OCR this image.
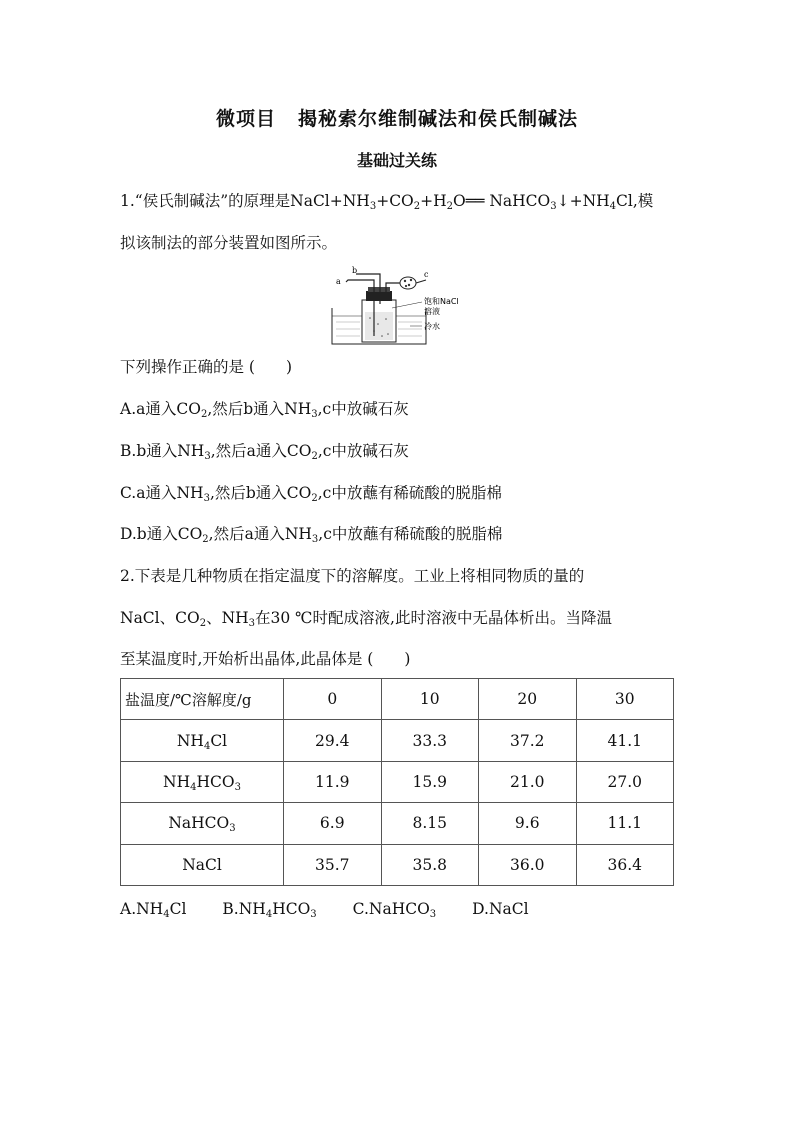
微项目 揭秘索尔维制碱法和侯氏制碱法
基础过关练
1.“侯氏制碱法”的原理是$NaCl+NH_3+CO_2+H_2O══$ $NaHCO_3↓+NH_4Cl$,模
拟该制法的部分装置如图所示。
a
b	c
饱和NaCl
溶液
冷水
下列操作正确的是 (　　)
A.a通入$CO_2$,然后b通入$NH_3,c$中放碱石灰
B.b通入$NH_3$,然后a通入$CO_2,c$中放碱石灰
C.a通入$NH_3$,然后b通入$CO_2,c$中放蘸有稀硫酸的脱脂棉
D.b通入$CO_2$,然后a通入$NH_3,c$中放蘸有稀硫酸的脱脂棉
2.下表是几种物质在指定温度下的溶解度。工业上将相同物质的量的
NaCl、$CO_2$、$NH_3$在30 ℃时配成溶液,此时溶液中无晶体析出。当降温
至某温度时,开始析出晶体,此晶体是 (　　)
盐温度/℃溶解度/g	0	10	20	30
$NH_4Cl$	29.4	33.3	37.2	41.1
$NH_4HCO_3$	11.9	15.9	21.0	27.0
NaHCO$_3$	6.9	8.15	9.6	11.1
NaCl	35.7	35.8	36.0	36.4
$A.NH_4Cl$ $B.NH_4HCO_3$ C.NaHCO$_3$ D.NaCl
